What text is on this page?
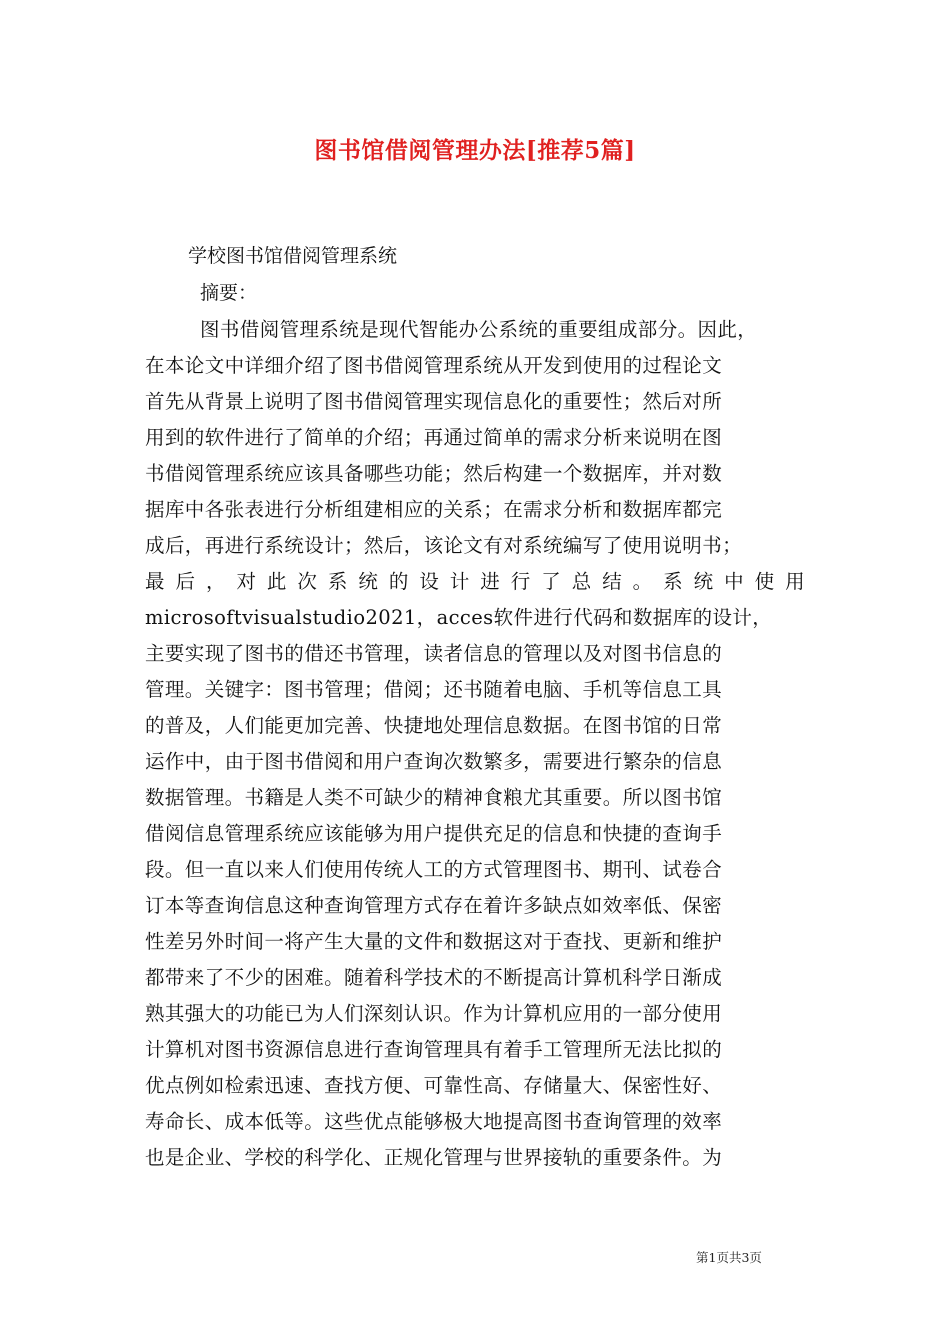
图书馆借阅管理办法[推荐5篇]
学校图书馆借阅管理系统
摘要：
图书借阅管理系统是现代智能办公系统的重要组成部分。因此，
在本论文中详细介绍了图书借阅管理系统从开发到使用的过程论文
首先从背景上说明了图书借阅管理实现信息化的重要性；然后对所
用到的软件进行了简单的介绍；再通过简单的需求分析来说明在图
书借阅管理系统应该具备哪些功能；然后构建一个数据库，并对数
据库中各张表进行分析组建相应的关系；在需求分析和数据库都完
成后，再进行系统设计；然后，该论文有对系统编写了使用说明书；
最后，对此次系统的设计进行了总结。系统中使用
microsoftvisualstudio2021，acces软件进行代码和数据库的设计，
主要实现了图书的借还书管理，读者信息的管理以及对图书信息的
管理。关键字：图书管理；借阅；还书随着电脑、手机等信息工具
的普及，人们能更加完善、快捷地处理信息数据。在图书馆的日常
运作中，由于图书借阅和用户查询次数繁多，需要进行繁杂的信息
数据管理。书籍是人类不可缺少的精神食粮尤其重要。所以图书馆
借阅信息管理系统应该能够为用户提供充足的信息和快捷的查询手
段。但一直以来人们使用传统人工的方式管理图书、期刊、试卷合
订本等查询信息这种查询管理方式存在着许多缺点如效率低、保密
性差另外时间一将产生大量的文件和数据这对于查找、更新和维护
都带来了不少的困难。随着科学技术的不断提高计算机科学日渐成
熟其强大的功能已为人们深刻认识。作为计算机应用的一部分使用
计算机对图书资源信息进行查询管理具有着手工管理所无法比拟的
优点例如检索迅速、查找方便、可靠性高、存储量大、保密性好、
寿命长、成本低等。这些优点能够极大地提高图书查询管理的效率
也是企业、学校的科学化、正规化管理与世界接轨的重要条件。为
第1页共3页
